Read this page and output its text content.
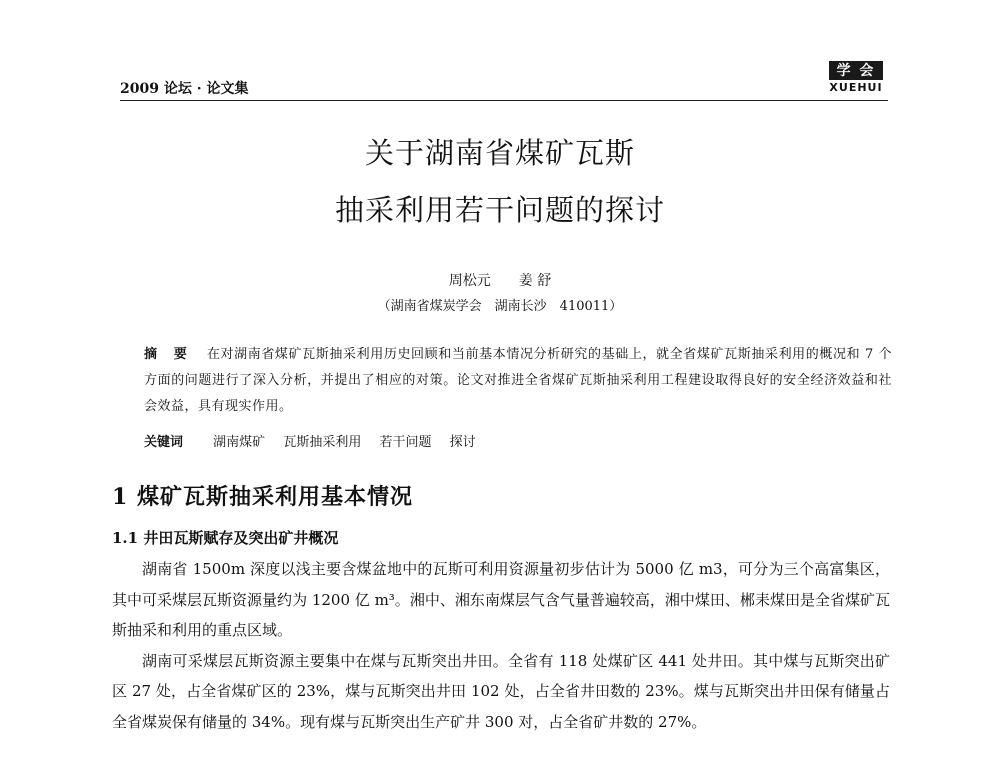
2009 论坛 · 论文集
学 会
XUEHUI
关于湖南省煤矿瓦斯
抽采利用若干问题的探讨
周松元　　姜 舒
（湖南省煤炭学会　湖南长沙　410011）
摘 要 在对湖南省煤矿瓦斯抽采利用历史回顾和当前基本情况分析研究的基础上，就全省煤矿瓦斯抽采利用的概况和 7 个方面的问题进行了深入分析，并提出了相应的对策。论文对推进全省煤矿瓦斯抽采利用工程建设取得良好的安全经济效益和社会效益，具有现实作用。
关键词 湖南煤矿 瓦斯抽采利用 若干问题 探讨
1 煤矿瓦斯抽采利用基本情况
1.1 井田瓦斯赋存及突出矿井概况

湖南省 1500m 深度以浅主要含煤盆地中的瓦斯可利用资源量初步估计为 5000 亿 m3，可分为三个高富集区，其中可采煤层瓦斯资源量约为 1200 亿 m³。湘中、湘东南煤层气含气量普遍较高，湘中煤田、郴耒煤田是全省煤矿瓦斯抽采和利用的重点区域。

湖南可采煤层瓦斯资源主要集中在煤与瓦斯突出井田。全省有 118 处煤矿区 441 处井田。其中煤与瓦斯突出矿区 27 处，占全省煤矿区的 23%，煤与瓦斯突出井田 102 处，占全省井田数的 23%。煤与瓦斯突出井田保有储量占全省煤炭保有储量的 34%。现有煤与瓦斯突出生产矿井 300 对，占全省矿井数的 27%。
